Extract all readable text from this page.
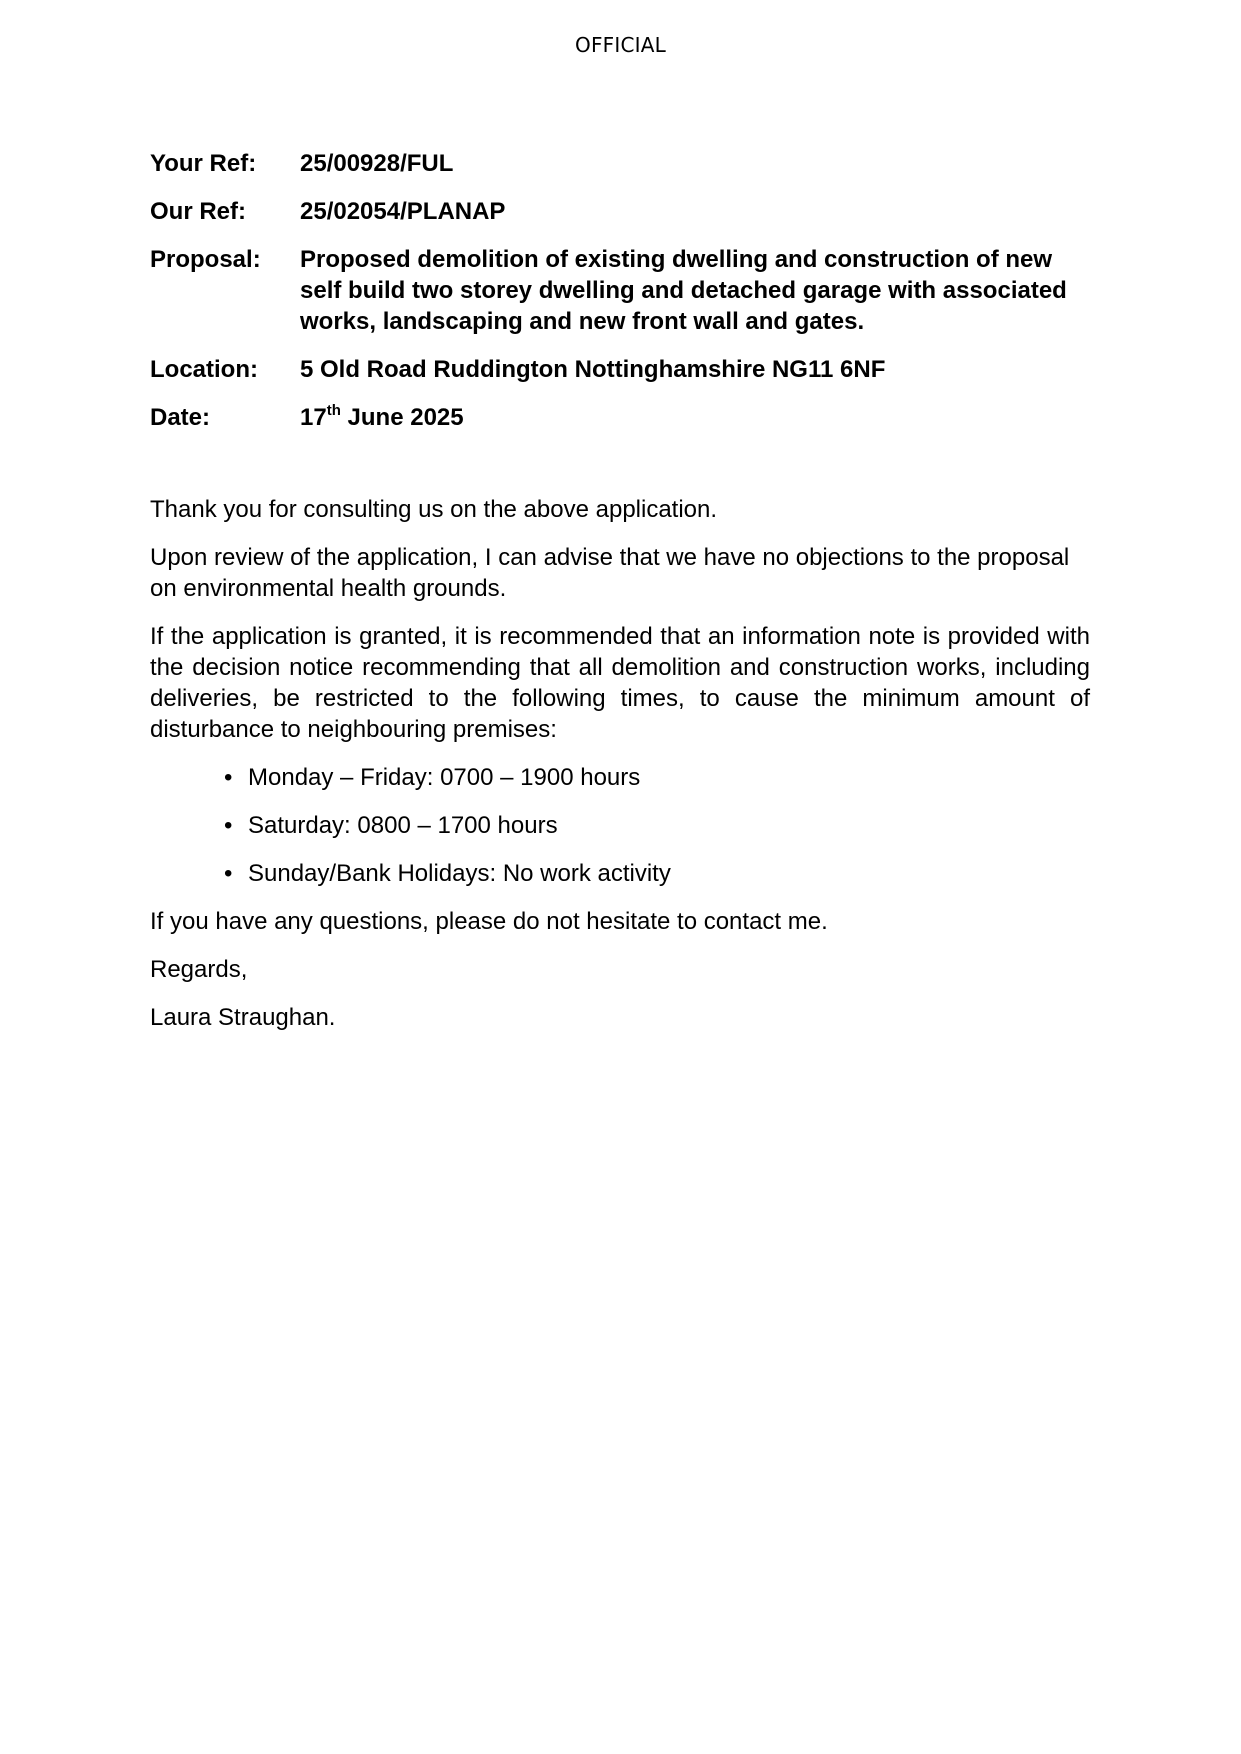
OFFICIAL
Your Ref:	25/00928/FUL
Our Ref:	25/02054/PLANAP
Proposal:	Proposed demolition of existing dwelling and construction of new self build two storey dwelling and detached garage with associated works, landscaping and new front wall and gates.
Location:	5 Old Road Ruddington Nottinghamshire NG11 6NF
Date:	17th June 2025

Thank you for consulting us on the above application.

Upon review of the application, I can advise that we have no objections to the proposal on environmental health grounds.

If the application is granted, it is recommended that an information note is provided with the decision notice recommending that all demolition and construction works, including deliveries, be restricted to the following times, to cause the minimum amount of disturbance to neighbouring premises:

• Monday – Friday: 0700 – 1900 hours
• Saturday: 0800 – 1700 hours
• Sunday/Bank Holidays: No work activity

If you have any questions, please do not hesitate to contact me.

Regards,

Laura Straughan.
